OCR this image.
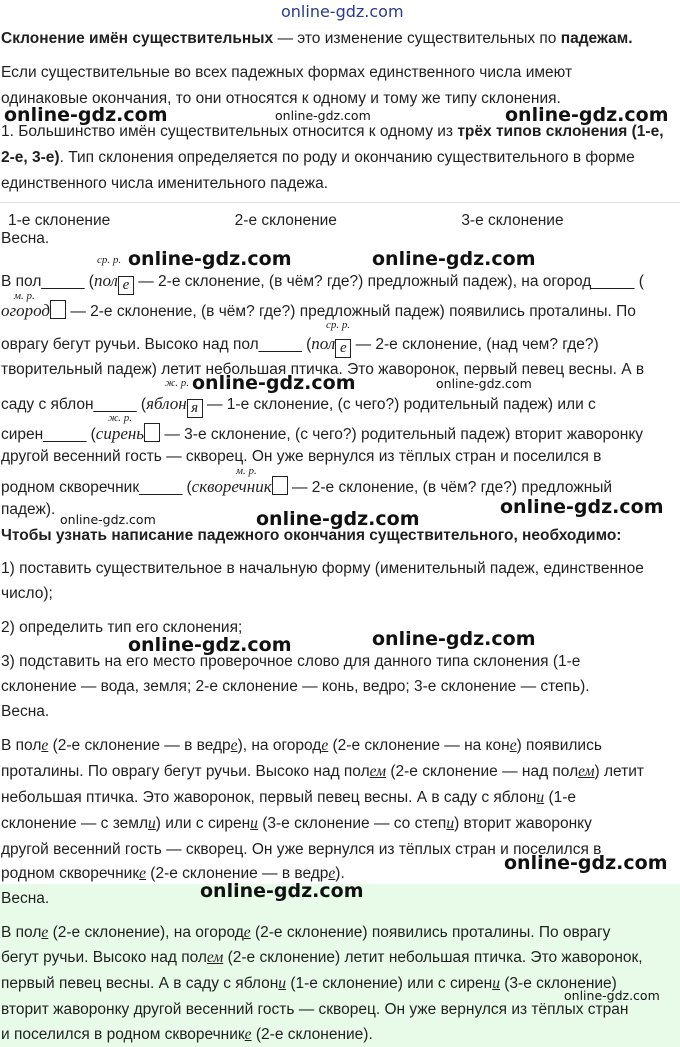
online-gdz.com
Склонение имён существительных — это изменение существительных по падежам.
Если существительные во всех падежных формах единственного числа имеют
одинаковые окончания, то они относятся к одному и тому же типу склонения.
1. Большинство имён существительных относится к одному из трёх типов склонения (1-е,
2-е, 3-е). Тип склонения определяется по роду и окончанию существительного в форме
единственного числа именительного падежа.
1-е склонение	2-е склонение	3-е склонение
Весна.
ср. р.
В пол_____ (пол е — 2-е склонение, (в чём? где?) предложный падеж), на огород_____ (
м. р.
огород — 2-е склонение, (в чём? где?) предложный падеж) появились проталины. По
ср. р.
оврагу бегут ручьи. Высоко над пол_____ (пол е — 2-е склонение, (над чем? где?)
творительный падеж) летит небольшая птичка. Это жаворонок, первый певец весны. А в
ж. р.
саду с яблон_____ (яблон я — 1-е склонение, (с чего?) родительный падеж) или с
ж. р.
сирен_____ (сирень — 3-е склонение, (с чего?) родительный падеж) вторит жаворонку
другой весенний гость — скворец. Он уже вернулся из тёплых стран и поселился в
м. р.
родном скворечник_____ (скворечник — 2-е склонение, (в чём? где?) предложный
падеж).
Чтобы узнать написание падежного окончания существительного, необходимо:
1) поставить существительное в начальную форму (именительный падеж, единственное
число);
2) определить тип его склонения;
3) подставить на его место проверочное слово для данного типа склонения (1-е
склонение — вода, земля; 2-е склонение — конь, ведро; 3-е склонение — степь).
Весна.
В поле (2-е склонение — в ведре), на огороде (2-е склонение — на коне) появились
проталины. По оврагу бегут ручьи. Высоко над полем (2-е склонение — над полем) летит
небольшая птичка. Это жаворонок, первый певец весны. А в саду с яблони (1-е
склонение — с земли) или с сирени (3-е склонение — со степи) вторит жаворонку
другой весенний гость — скворец. Он уже вернулся из тёплых стран и поселился в
родном скворечнике (2-е склонение — в ведре).
Весна.
В поле (2-е склонение), на огороде (2-е склонение) появились проталины. По оврагу
бегут ручьи. Высоко над полем (2-е склонение) летит небольшая птичка. Это жаворонок,
первый певец весны. А в саду с яблони (1-е склонение) или с сирени (3-е склонение)
вторит жаворонку другой весенний гость — скворец. Он уже вернулся из тёплых стран
и поселился в родном скворечнике (2-е склонение).
online-gdz.com	online-gdz.com	online-gdz.com
online-gdz.com	online-gdz.com
online-gdz.com	online-gdz.com
online-gdz.com
online-gdz.com	online-gdz.com
online-gdz.com	online-gdz.com
online-gdz.com
online-gdz.com
online-gdz.com
